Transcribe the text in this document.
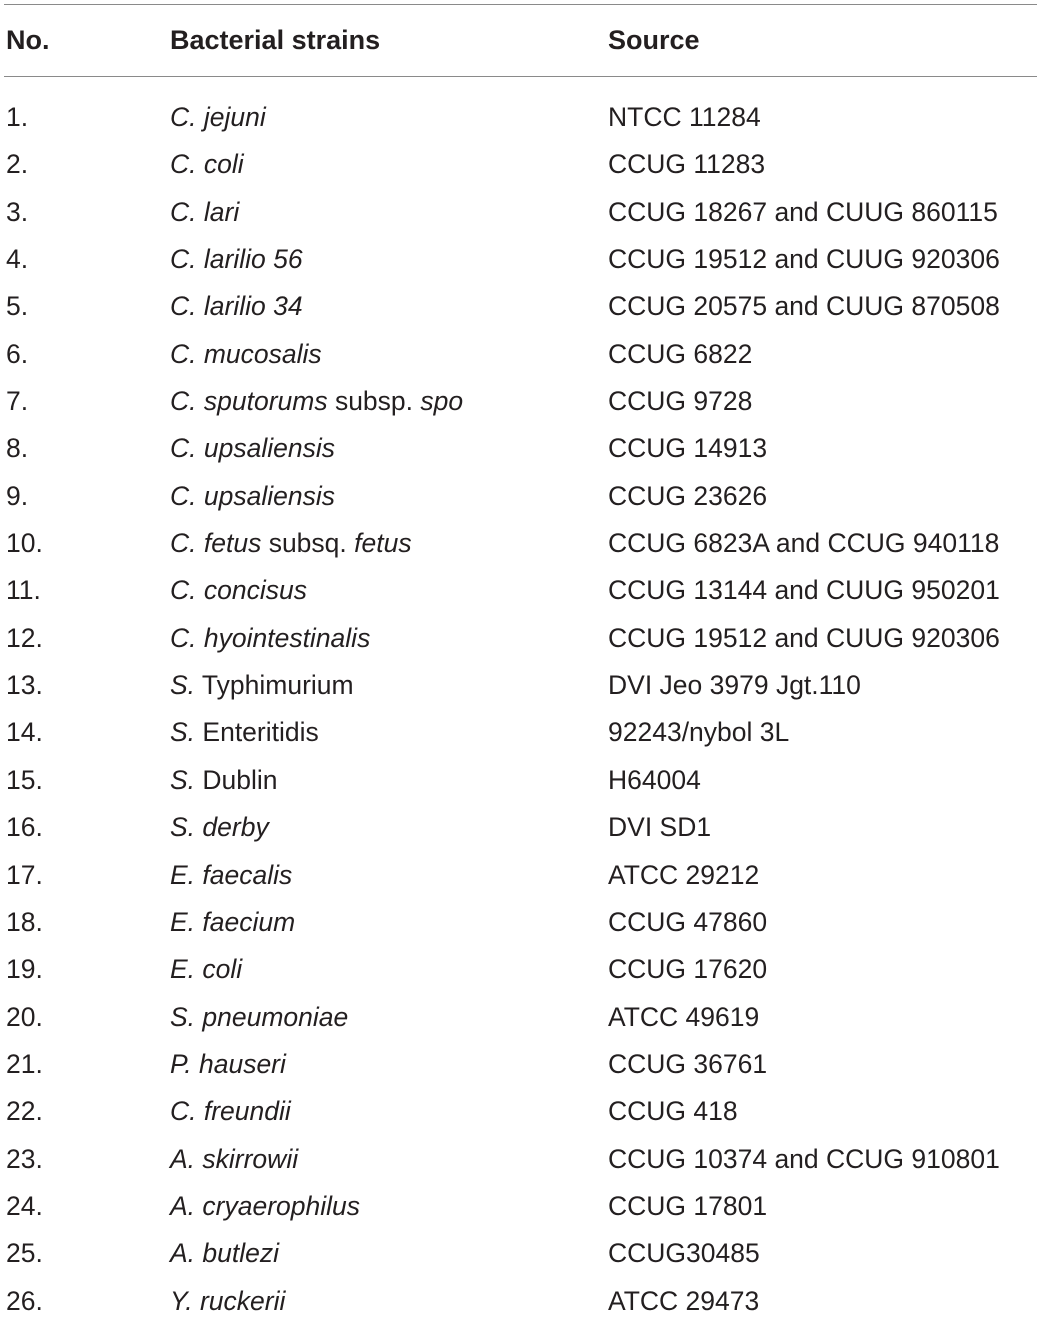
No.	Bacterial strains	Source
1.	C. jejuni	NTCC 11284
2.	C. coli	CCUG 11283
3.	C. lari	CCUG 18267 and CUUG 860115
4.	C. larilio 56	CCUG 19512 and CUUG 920306
5.	C. larilio 34	CCUG 20575 and CUUG 870508
6.	C. mucosalis	CCUG 6822
7.	C. sputorums subsp. spo	CCUG 9728
8.	C. upsaliensis	CCUG 14913
9.	C. upsaliensis	CCUG 23626
10.	C. fetus subsq. fetus	CCUG 6823A and CCUG 940118
11.	C. concisus	CCUG 13144 and CUUG 950201
12.	C. hyointestinalis	CCUG 19512 and CUUG 920306
13.	S. Typhimurium	DVI Jeo 3979 Jgt.110
14.	S. Enteritidis	92243/nybol 3L
15.	S. Dublin	H64004
16.	S. derby	DVI SD1
17.	E. faecalis	ATCC 29212
18.	E. faecium	CCUG 47860
19.	E. coli	CCUG 17620
20.	S. pneumoniae	ATCC 49619
21.	P. hauseri	CCUG 36761
22.	C. freundii	CCUG 418
23.	A. skirrowii	CCUG 10374 and CCUG 910801
24.	A. cryaerophilus	CCUG 17801
25.	A. butlezi	CCUG30485
26.	Y. ruckerii	ATCC 29473
